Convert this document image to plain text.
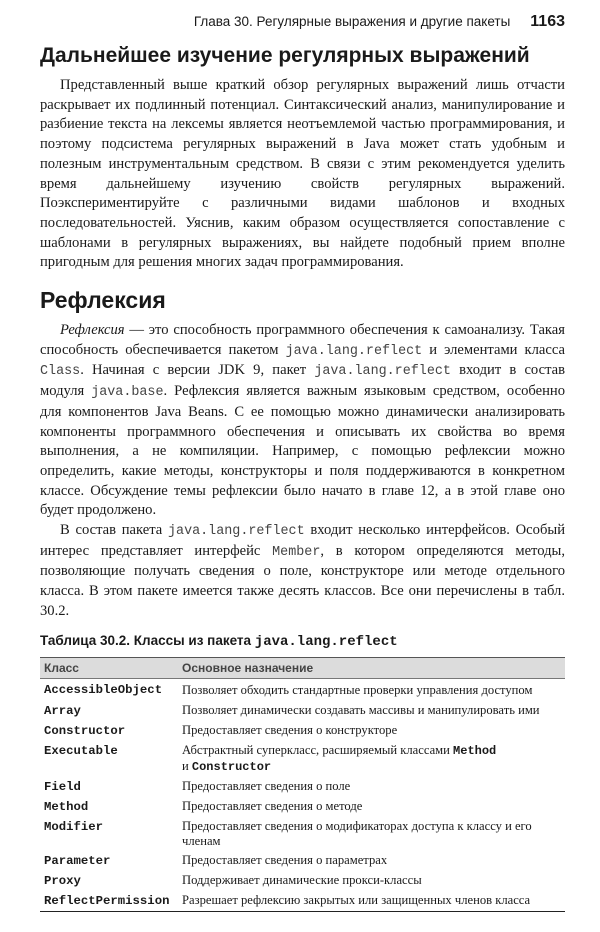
Глава 30. Регулярные выражения и другие пакеты 1163
Дальнейшее изучение регулярных выражений

Представленный выше краткий обзор регулярных выражений лишь отчасти раскрывает их подлинный потенциал. Синтаксический анализ, манипулирование и разбиение текста на лексемы является неотъемлемой частью программирования, и поэтому подсистема регулярных выражений в Java может стать удобным и полезным инструментальным средством. В связи с этим рекомендуется уделить время дальнейшему изучению свойств регулярных выражений. Поэкспериментируйте с различными видами шаблонов и входных последовательностей. Уяснив, каким образом осуществляется сопоставление с шаблонами в регулярных выражениях, вы найдете подобный прием вполне пригодным для решения многих задач программирования.

Рефлексия

Рефлексия — это способность программного обеспечения к самоанализу. Такая способность обеспечивается пакетом java.lang.reflect и элементами класса Class. Начиная с версии JDK 9, пакет java.lang.reflect входит в состав модуля java.base. Рефлексия является важным языковым средством, особенно для компонентов Java Beans. С ее помощью можно динамически анализировать компоненты программного обеспечения и описывать их свойства во время выполнения, а не компиляции. Например, с помощью рефлексии можно определить, какие методы, конструкторы и поля поддерживаются в конкретном классе. Обсуждение темы рефлексии было начато в главе 12, а в этой главе оно будет продолжено.

В состав пакета java.lang.reflect входит несколько интерфейсов. Особый интерес представляет интерфейс Member, в котором определяются методы, позволяющие получать сведения о поле, конструкторе или методе отдельного класса. В этом пакете имеется также десять классов. Все они перечислены в табл. 30.2.

Таблица 30.2. Классы из пакета java.lang.reflect
Класс	Основное назначение
AccessibleObject	Позволяет обходить стандартные проверки управления доступом
Array	Позволяет динамически создавать массивы и манипулировать ими
Constructor	Предоставляет сведения о конструкторе
Executable	Абстрактный суперкласс, расширяемый классами Method
и Constructor
Field	Предоставляет сведения о поле
Method	Предоставляет сведения о методе
Modifier	Предоставляет сведения о модификаторах доступа к классу и его членам
Parameter	Предоставляет сведения о параметрах
Proxy	Поддерживает динамические прокси-классы
ReflectPermission	Разрешает рефлексию закрытых или защищенных членов класса
